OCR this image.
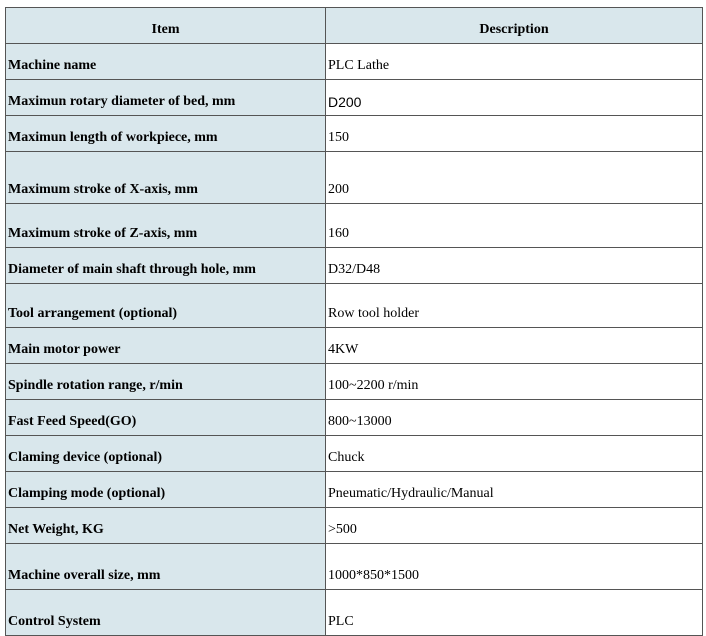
Item	Description
Machine name	PLC Lathe
Maximun rotary diameter of bed, mm	D200
Maximun length of workpiece, mm	150
Maximum stroke of X-axis, mm	200
Maximum stroke of Z-axis, mm	160
Diameter of main shaft through hole, mm	D32/D48
Tool arrangement (optional)	Row tool holder
Main motor power	4KW
Spindle rotation range, r/min	100~2200 r/min
Fast Feed Speed(GO)	800~13000
Claming device (optional)	Chuck
Clamping mode (optional)	Pneumatic/Hydraulic/Manual
Net Weight, KG	>500
Machine overall size, mm	1000*850*1500
Control System	PLC
